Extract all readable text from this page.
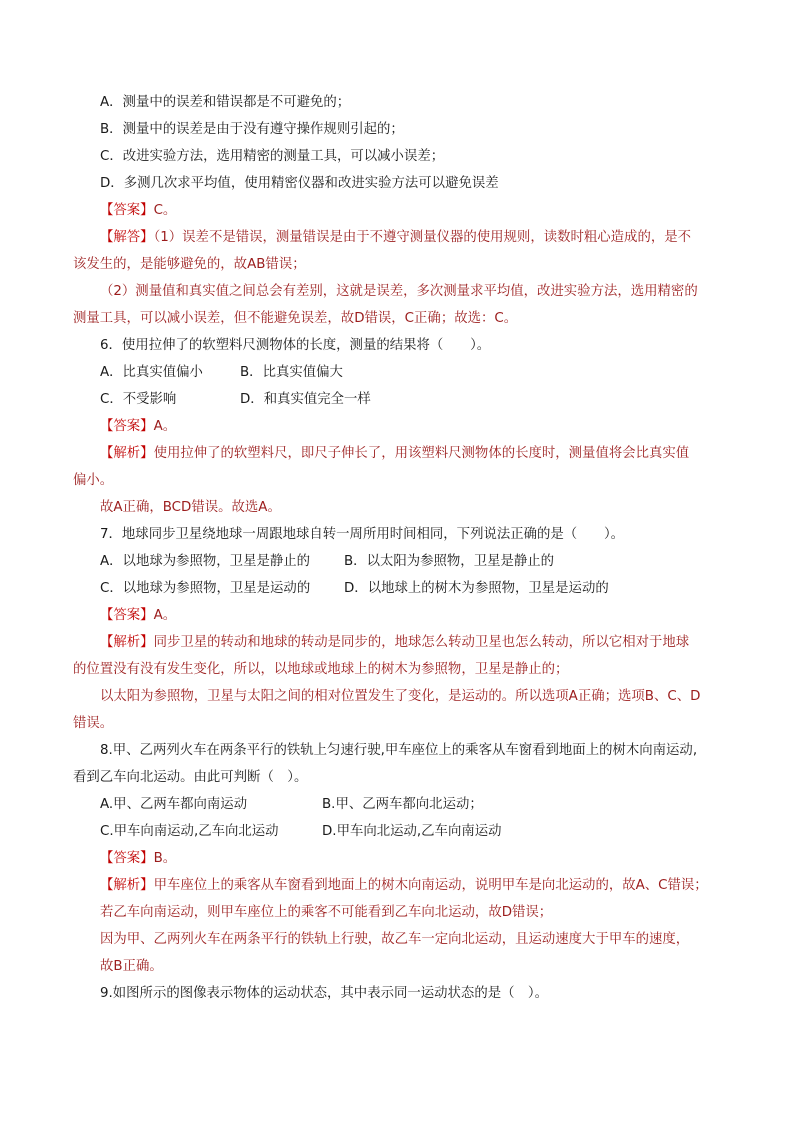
A．测量中的误差和错误都是不可避免的；
B．测量中的误差是由于没有遵守操作规则引起的；
C．改进实验方法，选用精密的测量工具，可以减小误差；
D．多测几次求平均值，使用精密仪器和改进实验方法可以避免误差
【答案】C。
【解答】（1）误差不是错误，测量错误是由于不遵守测量仪器的使用规则，读数时粗心造成的，是不
该发生的，是能够避免的，故AB错误；
（2）测量值和真实值之间总会有差别，这就是误差，多次测量求平均值，改进实验方法，选用精密的
测量工具，可以减小误差，但不能避免误差，故D错误，C正确；故选：C。
6．使用拉伸了的软塑料尺测物体的长度，测量的结果将（　　）。
A．比真实值偏小	B．比真实值偏大
C．不受影响	D．和真实值完全一样
【答案】A。
【解析】使用拉伸了的软塑料尺，即尺子伸长了，用该塑料尺测物体的长度时，测量值将会比真实值
偏小。
故A正确，BCD错误。故选A。
7．地球同步卫星绕地球一周跟地球自转一周所用时间相同，下列说法正确的是（　　）。
A．以地球为参照物，卫星是静止的	B．以太阳为参照物，卫星是静止的
C．以地球为参照物，卫星是运动的	D．以地球上的树木为参照物，卫星是运动的
【答案】A。
【解析】同步卫星的转动和地球的转动是同步的，地球怎么转动卫星也怎么转动，所以它相对于地球
的位置没有没有发生变化，所以，以地球或地球上的树木为参照物，卫星是静止的；
以太阳为参照物，卫星与太阳之间的相对位置发生了变化，是运动的。所以选项A正确；选项B、C、D
错误。
8.甲、乙两列火车在两条平行的铁轨上匀速行驶,甲车座位上的乘客从车窗看到地面上的树木向南运动,
看到乙车向北运动。由此可判断（　）。
A.甲、乙两车都向南运动	B.甲、乙两车都向北运动；
C.甲车向南运动,乙车向北运动	D.甲车向北运动,乙车向南运动
【答案】B。
【解析】甲车座位上的乘客从车窗看到地面上的树木向南运动，说明甲车是向北运动的，故A、C错误；
若乙车向南运动，则甲车座位上的乘客不可能看到乙车向北运动，故D错误；
因为甲、乙两列火车在两条平行的铁轨上行驶，故乙车一定向北运动，且运动速度大于甲车的速度，
故B正确。
9.如图所示的图像表示物体的运动状态，其中表示同一运动状态的是（　）。
